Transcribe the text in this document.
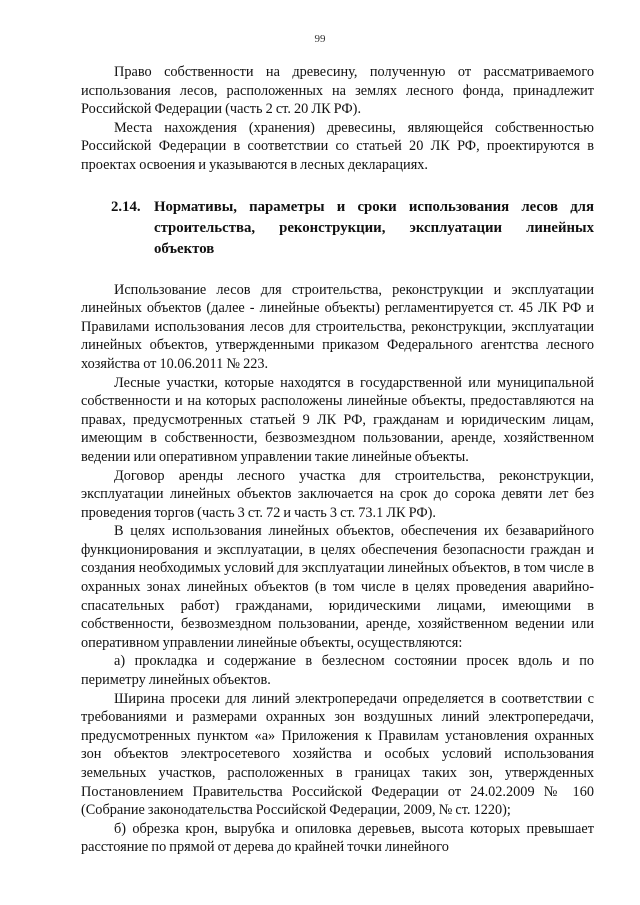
99

Право собственности на древесину, полученную от рассматриваемого использования лесов, расположенных на землях лесного фонда, принадлежит Российской Федерации (часть 2 ст. 20 ЛК РФ).

Места нахождения (хранения) древесины, являющейся собственностью Российской Федерации в соответствии со статьей 20 ЛК РФ, проектируются в проектах освоения и указываются в лесных декларациях.

2.14. Нормативы, параметры и сроки использования лесов для строительства, реконструкции, эксплуатации линейных объектов

Использование лесов для строительства, реконструкции и эксплуатации линейных объектов (далее - линейные объекты) регламентируется ст. 45 ЛК РФ и Правилами использования лесов для строительства, реконструкции, эксплуатации линейных объектов, утвержденными приказом Федерального агентства лесного хозяйства от 10.06.2011 № 223.

Лесные участки, которые находятся в государственной или муниципальной собственности и на которых расположены линейные объекты, предоставляются на правах, предусмотренных статьей 9 ЛК РФ, гражданам и юридическим лицам, имеющим в собственности, безвозмездном пользовании, аренде, хозяйственном ведении или оперативном управлении такие линейные объекты.

Договор аренды лесного участка для строительства, реконструкции, эксплуатации линейных объектов заключается на срок до сорока девяти лет без проведения торгов (часть 3 ст. 72 и часть 3 ст. 73.1 ЛК РФ).

В целях использования линейных объектов, обеспечения их безаварийного функционирования и эксплуатации, в целях обеспечения безопасности граждан и создания необходимых условий для эксплуатации линейных объектов, в том числе в охранных зонах линейных объектов (в том числе в целях проведения аварийно-спасательных работ) гражданами, юридическими лицами, имеющими в собственности, безвозмездном пользовании, аренде, хозяйственном ведении или оперативном управлении линейные объекты, осуществляются:

а) прокладка и содержание в безлесном состоянии просек вдоль и по периметру линейных объектов.

Ширина просеки для линий электропередачи определяется в соответствии с требованиями и размерами охранных зон воздушных линий электропередачи, предусмотренных пунктом «а» Приложения к Правилам установления охранных зон объектов электросетевого хозяйства и особых условий использования земельных участков, расположенных в границах таких зон, утвержденных Постановлением Правительства Российской Федерации от 24.02.2009 № 160 (Собрание законодательства Российской Федерации, 2009, № ст. 1220);

б) обрезка крон, вырубка и опиловка деревьев, высота которых превышает расстояние по прямой от дерева до крайней точки линейного
